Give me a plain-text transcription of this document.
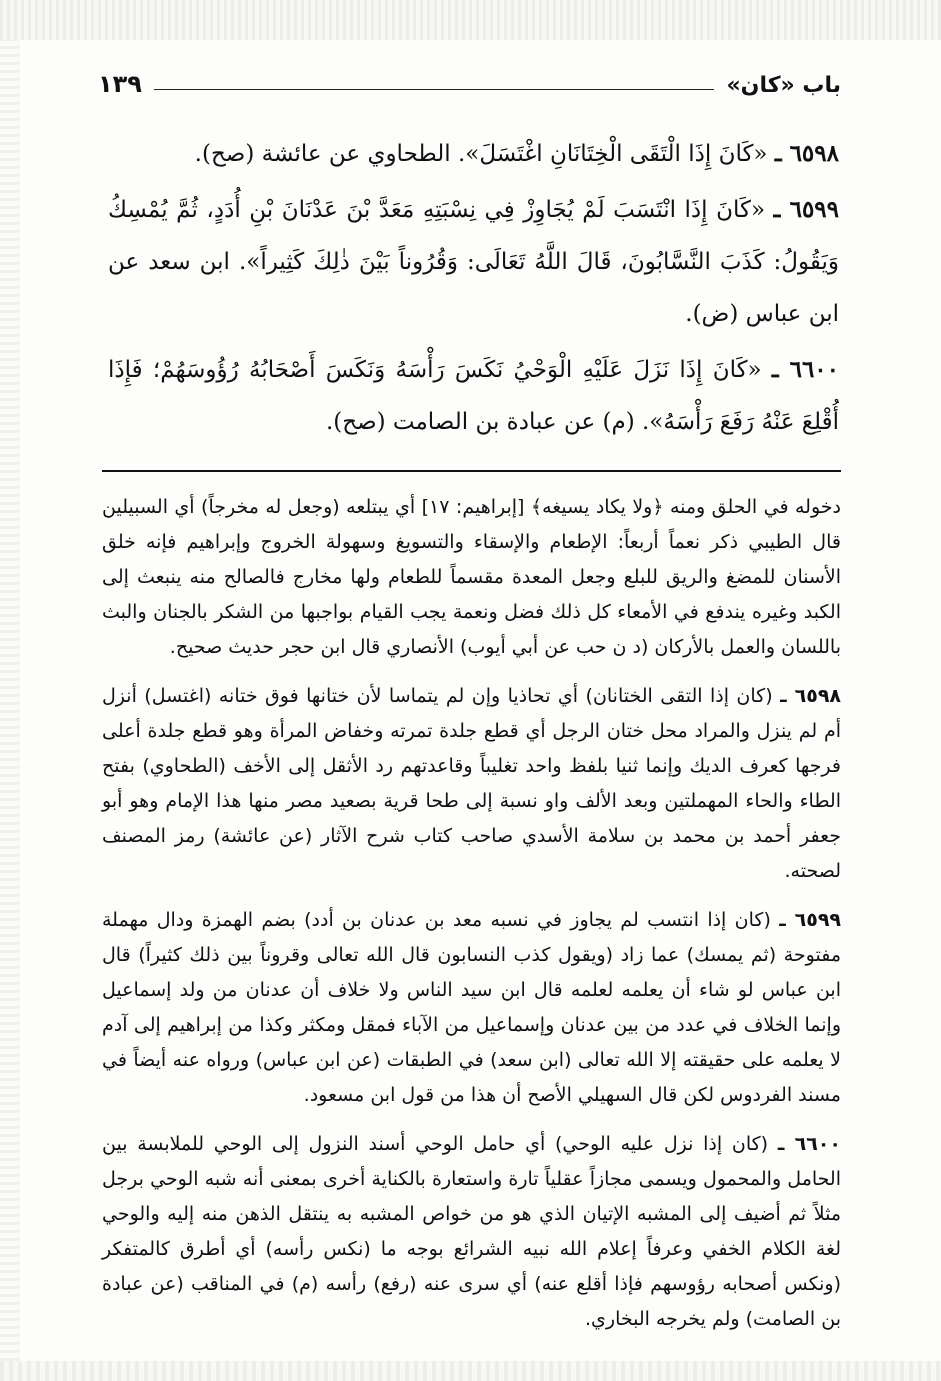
باب «كان»
١٣٩

٦٥٩٨ ـ «كَانَ إِذَا الْتَقَى الْخِتَانَانِ اغْتَسَلَ». الطحاوي عن عائشة (صح).

٦٥٩٩ ـ «كَانَ إِذَا انْتَسَبَ لَمْ يُجَاوِزْ فِي نِسْبَتِهِ مَعَدَّ بْنَ عَدْنَانَ بْنِ أُدَدٍ، ثُمَّ يُمْسِكُ وَيَقُولُ: كَذَبَ النَّسَّابُونَ، قَالَ اللَّهُ تَعَالَى: وَقُرُوناً بَيْنَ ذٰلِكَ كَثِيراً». ابن سعد عن ابن عباس (ض).

٦٦٠٠ ـ «كَانَ إِذَا نَزَلَ عَلَيْهِ الْوَحْيُ نَكَسَ رَأْسَهُ وَنَكَسَ أَصْحَابُهُ رُؤُوسَهُمْ؛ فَإِذَا أُقْلِعَ عَنْهُ رَفَعَ رَأْسَهُ». (م) عن عبادة بن الصامت (صح).

دخوله في الحلق ومنه ﴿ولا يكاد يسيغه﴾ [إبراهيم: ١٧] أي يبتلعه (وجعل له مخرجاً) أي السبيلين قال الطيبي ذكر نعماً أربعاً: الإطعام والإسقاء والتسويغ وسهولة الخروج وإبراهيم فإنه خلق الأسنان للمضغ والريق للبلع وجعل المعدة مقسماً للطعام ولها مخارج فالصالح منه ينبعث إلى الكبد وغيره يندفع في الأمعاء كل ذلك فضل ونعمة يجب القيام بواجبها من الشكر بالجنان والبث باللسان والعمل بالأركان (د ن حب عن أبي أيوب) الأنصاري قال ابن حجر حديث صحيح.

٦٥٩٨ ـ (كان إذا التقى الختانان) أي تحاذيا وإن لم يتماسا لأن ختانها فوق ختانه (اغتسل) أنزل أم لم ينزل والمراد محل ختان الرجل أي قطع جلدة تمرته وخفاض المرأة وهو قطع جلدة أعلى فرجها كعرف الديك وإنما ثنيا بلفظ واحد تغليباً وقاعدتهم رد الأثقل إلى الأخف (الطحاوي) بفتح الطاء والحاء المهملتين وبعد الألف واو نسبة إلى طحا قرية بصعيد مصر منها هذا الإمام وهو أبو جعفر أحمد بن محمد بن سلامة الأسدي صاحب كتاب شرح الآثار (عن عائشة) رمز المصنف لصحته.

٦٥٩٩ ـ (كان إذا انتسب لم يجاوز في نسبه معد بن عدنان بن أدد) بضم الهمزة ودال مهملة مفتوحة (ثم يمسك) عما زاد (ويقول كذب النسابون قال الله تعالى وقروناً بين ذلك كثيراً) قال ابن عباس لو شاء أن يعلمه لعلمه قال ابن سيد الناس ولا خلاف أن عدنان من ولد إسماعيل وإنما الخلاف في عدد من بين عدنان وإسماعيل من الآباء فمقل ومكثر وكذا من إبراهيم إلى آدم لا يعلمه على حقيقته إلا الله تعالى (ابن سعد) في الطبقات (عن ابن عباس) ورواه عنه أيضاً في مسند الفردوس لكن قال السهيلي الأصح أن هذا من قول ابن مسعود.

٦٦٠٠ ـ (كان إذا نزل عليه الوحي) أي حامل الوحي أسند النزول إلى الوحي للملابسة بين الحامل والمحمول ويسمى مجازاً عقلياً تارة واستعارة بالكناية أخرى بمعنى أنه شبه الوحي برجل مثلاً ثم أضيف إلى المشبه الإتيان الذي هو من خواص المشبه به ينتقل الذهن منه إليه والوحي لغة الكلام الخفي وعرفاً إعلام الله نبيه الشرائع بوجه ما (نكس رأسه) أي أطرق كالمتفكر (ونكس أصحابه رؤوسهم فإذا أقلع عنه) أي سرى عنه (رفع) رأسه (م) في المناقب (عن عبادة بن الصامت) ولم يخرجه البخاري.
